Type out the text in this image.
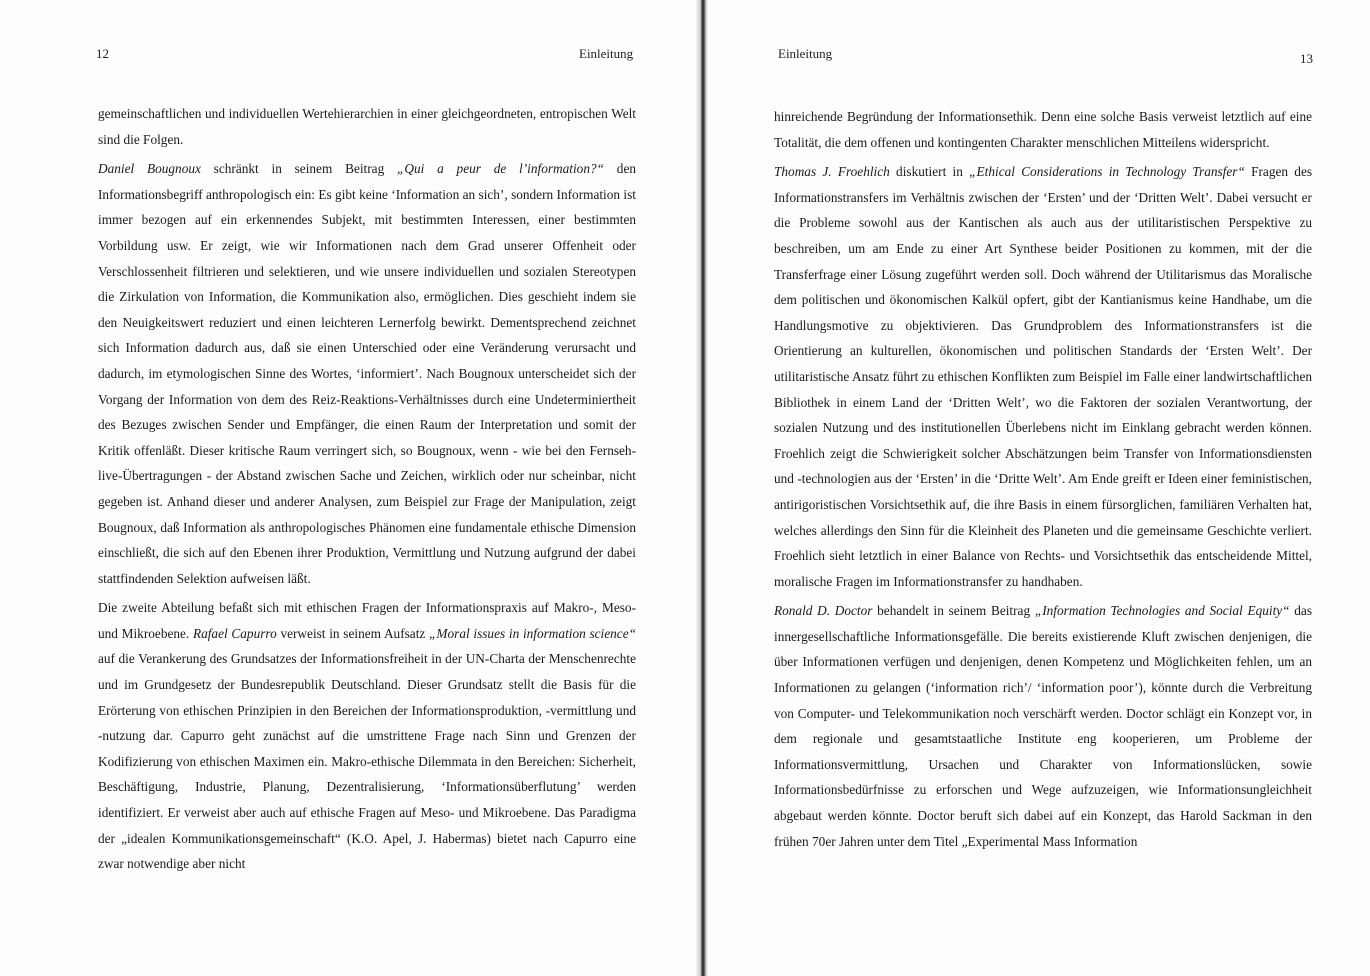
12	Einleitung

gemeinschaftlichen und individuellen Wertehierarchien in einer gleichgeordneten, entropischen Welt sind die Folgen.

Daniel Bougnoux schränkt in seinem Beitrag „Qui a peur de l’information?“ den Informationsbegriff anthropologisch ein: Es gibt keine ‘Information an sich’, sondern Information ist immer bezogen auf ein erkennendes Subjekt, mit bestimmten Interessen, einer bestimmten Vorbildung usw. Er zeigt, wie wir Informationen nach dem Grad unserer Offenheit oder Verschlossenheit filtrieren und selektieren, und wie unsere individuellen und sozialen Stereotypen die Zirkulation von Information, die Kommunikation also, ermöglichen. Dies geschieht indem sie den Neuigkeitswert reduziert und einen leichteren Lernerfolg bewirkt. Dementsprechend zeichnet sich Information dadurch aus, daß sie einen Unterschied oder eine Veränderung verursacht und dadurch, im etymologischen Sinne des Wortes, ‘informiert’. Nach Bougnoux unterscheidet sich der Vorgang der Information von dem des Reiz-Reaktions-Verhältnisses durch eine Undeterminiertheit des Bezuges zwischen Sender und Empfänger, die einen Raum der Interpretation und somit der Kritik offenläßt. Dieser kritische Raum verringert sich, so Bougnoux, wenn - wie bei den Fernseh-live-Übertragungen - der Abstand zwischen Sache und Zeichen, wirklich oder nur scheinbar, nicht gegeben ist. Anhand dieser und anderer Analysen, zum Beispiel zur Frage der Manipulation, zeigt Bougnoux, daß Information als anthropologisches Phänomen eine fundamentale ethische Dimension einschließt, die sich auf den Ebenen ihrer Produktion, Vermittlung und Nutzung aufgrund der dabei stattfindenden Selektion aufweisen läßt.

Die zweite Abteilung befaßt sich mit ethischen Fragen der Informationspraxis auf Makro-, Meso- und Mikroebene. Rafael Capurro verweist in seinem Aufsatz „Moral issues in information science“ auf die Verankerung des Grundsatzes der Informationsfreiheit in der UN-Charta der Menschenrechte und im Grundgesetz der Bundesrepublik Deutschland. Dieser Grundsatz stellt die Basis für die Erörterung von ethischen Prinzipien in den Bereichen der Informationsproduktion, -vermittlung und -nutzung dar. Capurro geht zunächst auf die umstrittene Frage nach Sinn und Grenzen der Kodifizierung von ethischen Maximen ein. Makro-ethische Dilemmata in den Bereichen: Sicherheit, Beschäftigung, Industrie, Planung, Dezentralisierung, ‘Informationsüberflutung’ werden identifiziert. Er verweist aber auch auf ethische Fragen auf Meso- und Mikroebene. Das Paradigma der „idealen Kommunikationsgemeinschaft“ (K.O. Apel, J. Habermas) bietet nach Capurro eine zwar notwendige aber nicht

Einleitung	13

hinreichende Begründung der Informationsethik. Denn eine solche Basis verweist letztlich auf eine Totalität, die dem offenen und kontingenten Charakter menschlichen Mitteilens widerspricht.

Thomas J. Froehlich diskutiert in „Ethical Considerations in Technology Transfer“ Fragen des Informationstransfers im Verhältnis zwischen der ‘Ersten’ und der ‘Dritten Welt’. Dabei versucht er die Probleme sowohl aus der Kantischen als auch aus der utilitaristischen Perspektive zu beschreiben, um am Ende zu einer Art Synthese beider Positionen zu kommen, mit der die Transferfrage einer Lösung zugeführt werden soll. Doch während der Utilitarismus das Moralische dem politischen und ökonomischen Kalkül opfert, gibt der Kantianismus keine Handhabe, um die Handlungsmotive zu objektivieren. Das Grundproblem des Informationstransfers ist die Orientierung an kulturellen, ökonomischen und politischen Standards der ‘Ersten Welt’. Der utilitaristische Ansatz führt zu ethischen Konflikten zum Beispiel im Falle einer landwirtschaftlichen Bibliothek in einem Land der ‘Dritten Welt’, wo die Faktoren der sozialen Verantwortung, der sozialen Nutzung und des institutionellen Überlebens nicht im Einklang gebracht werden können. Froehlich zeigt die Schwierigkeit solcher Abschätzungen beim Transfer von Informationsdiensten und -technologien aus der ‘Ersten’ in die ‘Dritte Welt’. Am Ende greift er Ideen einer feministischen, antirigoristischen Vorsichtsethik auf, die ihre Basis in einem fürsorglichen, familiären Verhalten hat, welches allerdings den Sinn für die Kleinheit des Planeten und die gemeinsame Geschichte verliert. Froehlich sieht letztlich in einer Balance von Rechts- und Vorsichtsethik das entscheidende Mittel, moralische Fragen im Informationstransfer zu handhaben.

Ronald D. Doctor behandelt in seinem Beitrag „Information Technologies and Social Equity“ das innergesellschaftliche Informationsgefälle. Die bereits existierende Kluft zwischen denjenigen, die über Informationen verfügen und denjenigen, denen Kompetenz und Möglichkeiten fehlen, um an Informationen zu gelangen (‘information rich’/ ‘information poor’), könnte durch die Verbreitung von Computer- und Telekommunikation noch verschärft werden. Doctor schlägt ein Konzept vor, in dem regionale und gesamtstaatliche Institute eng kooperieren, um Probleme der Informationsvermittlung, Ursachen und Charakter von Informationslücken, sowie Informationsbedürfnisse zu erforschen und Wege aufzuzeigen, wie Informationsungleichheit abgebaut werden könnte. Doctor beruft sich dabei auf ein Konzept, das Harold Sackman in den frühen 70er Jahren unter dem Titel „Experimental Mass Information
